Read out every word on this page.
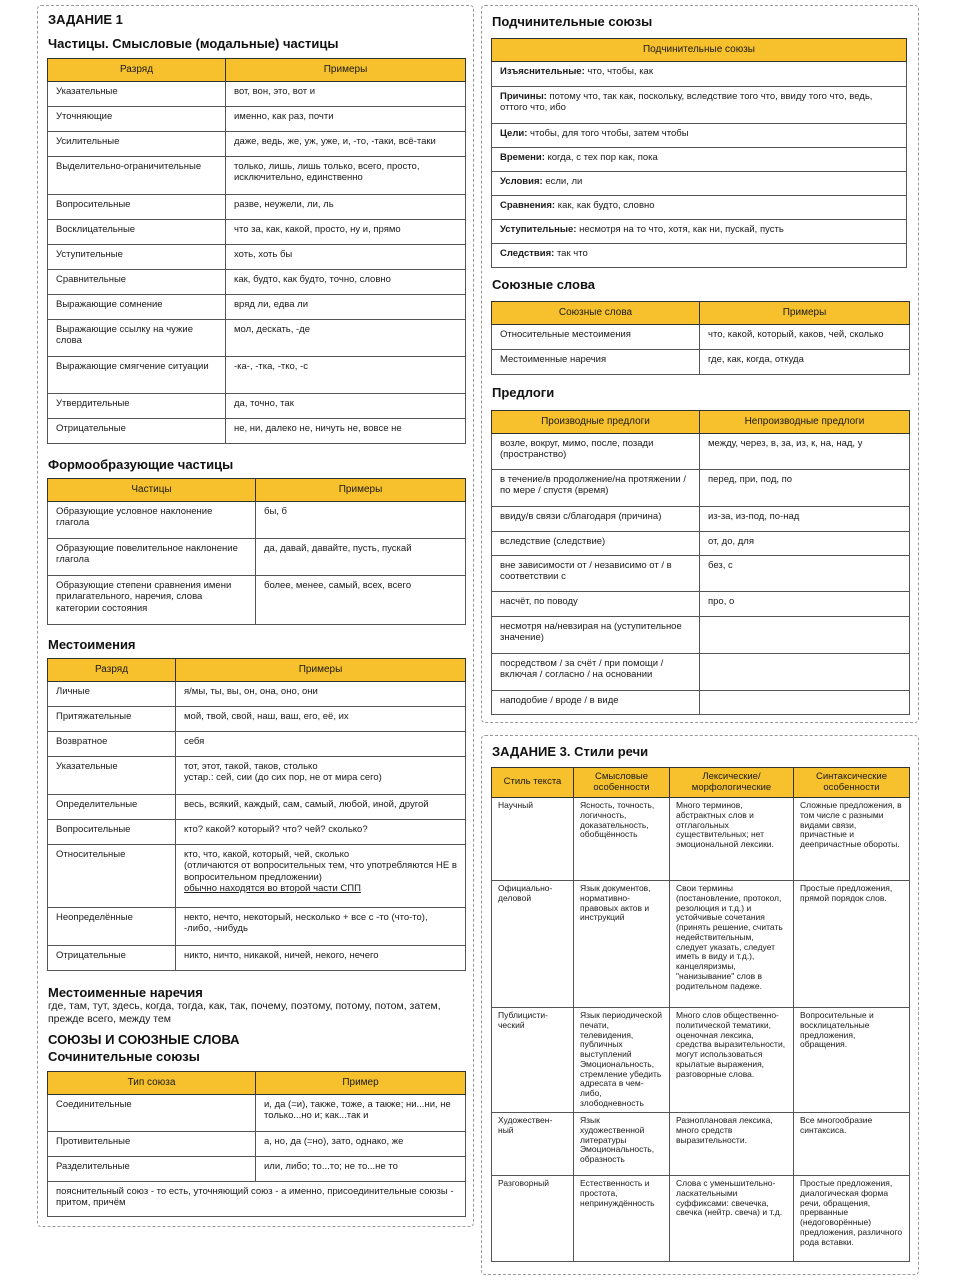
ЗАДАНИЕ 1
Частицы. Смысловые (модальные) частицы
Разряд	Примеры
Указательные	вот, вон, это, вот и
Уточняющие	именно, как раз, почти
Усилительные	даже, ведь, же, уж, уже, и, -то, -таки, всё-таки
Выделительно-ограничительные	только, лишь, лишь только, всего, просто, исключительно, единственно
Вопросительные	разве, неужели, ли, ль
Восклицательные	что за, как, какой, просто, ну и, прямо
Уступительные	хоть, хоть бы
Сравнительные	как, будто, как будто, точно, словно
Выражающие сомнение	вряд ли, едва ли
Выражающие ссылку на чужие слова	мол, дескать, -де
Выражающие смягчение ситуации	-ка-, -тка, -тко, -с
Утвердительные	да, точно, так
Отрицательные	не, ни, далеко не, ничуть не, вовсе не
Формообразующие частицы
Частицы	Примеры
Образующие условное наклонение глагола	бы, б
Образующие повелительное наклонение глагола	да, давай, давайте, пусть, пускай
Образующие степени сравнения имени прилагательного, наречия, слова категории состояния	более, менее, самый, всех, всего
Местоимения
Разряд	Примеры
Личные	я/мы, ты, вы, он, она, оно, они
Притяжательные	мой, твой, свой, наш, ваш, его, её, их
Возвратное	себя
Указательные	тот, этот, такой, таков, столько
устар.: сей, сии (до сих пор, не от мира сего)
Определительные	весь, всякий, каждый, сам, самый, любой, иной, другой
Вопросительные	кто? какой? который? что? чей? сколько?
Относительные	кто, что, какой, который, чей, сколько
(отличаются от вопросительных тем, что употребляются НЕ в вопросительном предложении)
обычно находятся во второй части СПП
Неопределённые	некто, нечто, некоторый, несколько + все с -то (что-то), -либо, -нибудь
Отрицательные	никто, ничто, никакой, ничей, некого, нечего
Местоименные наречия

где, там, тут, здесь, когда, тогда, как, так, почему, поэтому, потому, потом, затем, прежде всего, между тем

СОЮЗЫ И СОЮЗНЫЕ СЛОВА
Сочинительные союзы
Тип союза	Пример
Соединительные	и, да (=и), также, тоже, а также; ни...ни, не только...но и; как...так и
Противительные	а, но, да (=но), зато, однако, же
Разделительные	или, либо; то...то; не то...не то
пояснительный союз - то есть, уточняющий союз - а именно, присоединительные союзы - притом, причём	
Подчинительные союзы
Подчинительные союзы
Изъяснительные: что, чтобы, как
Причины: потому что, так как, поскольку, вследствие того что, ввиду того что, ведь, оттого что, ибо
Цели: чтобы, для того чтобы, затем чтобы
Времени: когда, с тех пор как, пока
Условия: если, ли
Сравнения: как, как будто, словно
Уступительные: несмотря на то что, хотя, как ни, пускай, пусть
Следствия: так что
Союзные слова
Союзные слова	Примеры
Относительные местоимения	что, какой, который, каков, чей, сколько
Местоименные наречия	где, как, когда, откуда
Предлоги
Производные предлоги	Непроизводные предлоги
возле, вокруг, мимо, после, позади (пространство)	между, через, в, за, из, к, на, над, у
в течение/в продолжение/на протяжении / по мере / спустя (время)	перед, при, под, по
ввиду/в связи с/благодаря (причина)	из-за, из-под, по-над
вследствие (следствие)	от, до, для
вне зависимости от / независимо от / в соответствии с	без, с
насчёт, по поводу	про, о
несмотря на/невзирая на (уступительное значение)	
посредством / за счёт / при помощи / включая / согласно / на основании	
наподобие / вроде / в виде	
ЗАДАНИЕ 3. Стили речи
Стиль текста	Смысловые особенности	Лексические/ морфологические	Синтаксические особенности
Научный	Ясность, точность, логичность, доказательность, обобщённость	Много терминов, абстрактных слов и отглагольных существительных; нет эмоциональной лексики.	Сложные предложения, в том числе с разными видами связи, причастные и деепричастные обороты.
Официально-деловой	Язык документов, нормативно-правовых актов и инструкций	Свои термины (постановление, протокол, резолюция и т.д.) и устойчивые сочетания (принять решение, считать недействительным, следует указать, следует иметь в виду и т.д.), канцеляризмы, "нанизывание" слов в родительном падеже.	Простые предложения, прямой порядок слов.
Публицисти-ческий	Язык периодической печати, телевидения, публичных выступлений Эмоциональность, стремление убедить адресата в чем-либо, злободневность	Много слов общественно-политической тематики, оценочная лексика, средства выразительности, могут использоваться крылатые выражения, разговорные слова.	Вопросительные и восклицательные предложения, обращения.
Художествен-ный	Язык художественной литературы Эмоциональность, образность	Разноплановая лексика, много средств выразительности.	Все многообразие синтаксиса.
Разговорный	Естественность и простота, непринуждённость	Слова с уменьшительно-ласкательными суффиксами: свечечка, свечка (нейтр. свеча) и т.д.	Простые предложения, диалогическая форма речи, обращения, прерванные (недоговорённые) предложения, различного рода вставки.
